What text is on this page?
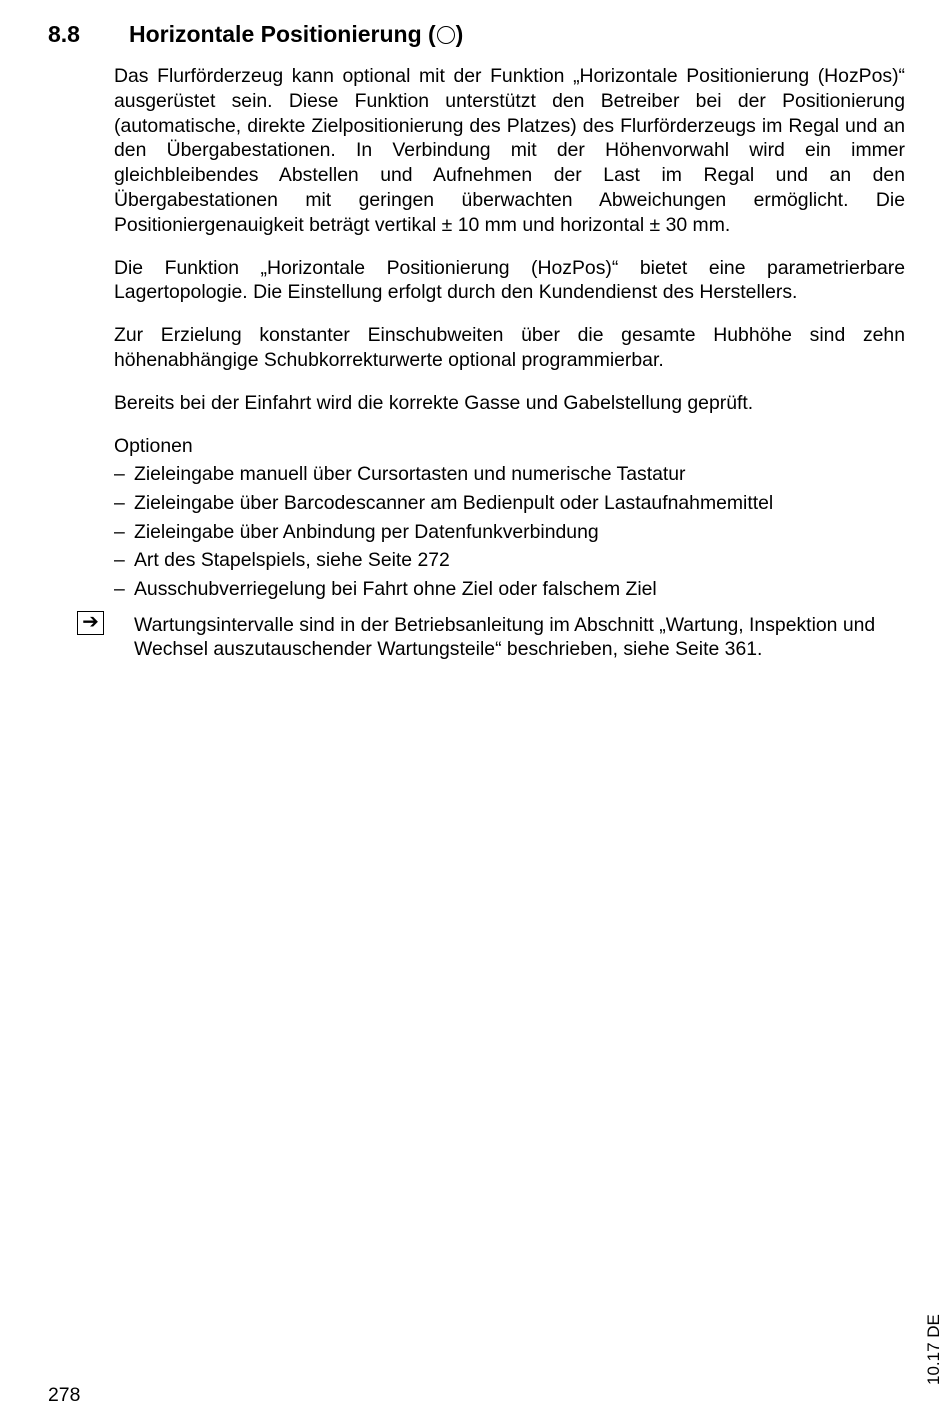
8.8 Horizontale Positionierung ( )

Das Flurförderzeug kann optional mit der Funktion „Horizontale Positionierung (HozPos)“ ausgerüstet sein. Diese Funktion unterstützt den Betreiber bei der Positionierung (automatische, direkte Zielpositionierung des Platzes) des Flurförderzeugs im Regal und an den Übergabestationen. In Verbindung mit der Höhenvorwahl wird ein immer gleichbleibendes Abstellen und Aufnehmen der Last im Regal und an den Übergabestationen mit geringen überwachten Abweichungen ermöglicht. Die Positioniergenauigkeit beträgt vertikal ± 10 mm und horizontal ± 30 mm.

Die Funktion „Horizontale Positionierung (HozPos)“ bietet eine parametrierbare Lagertopologie. Die Einstellung erfolgt durch den Kundendienst des Herstellers.

Zur Erzielung konstanter Einschubweiten über die gesamte Hubhöhe sind zehn höhenabhängige Schubkorrekturwerte optional programmierbar.

Bereits bei der Einfahrt wird die korrekte Gasse und Gabelstellung geprüft.

Optionen
– Zieleingabe manuell über Cursortasten und numerische Tastatur
– Zieleingabe über Barcodescanner am Bedienpult oder Lastaufnahmemittel
– Zieleingabe über Anbindung per Datenfunkverbindung
– Art des Stapelspiels, siehe Seite 272
– Ausschubverriegelung bei Fahrt ohne Ziel oder falschem Ziel
➔ Wartungsintervalle sind in der Betriebsanleitung im Abschnitt „Wartung, Inspektion und Wechsel auszutauschender Wartungsteile“ beschrieben, siehe Seite 361.
278
10.17 DE
